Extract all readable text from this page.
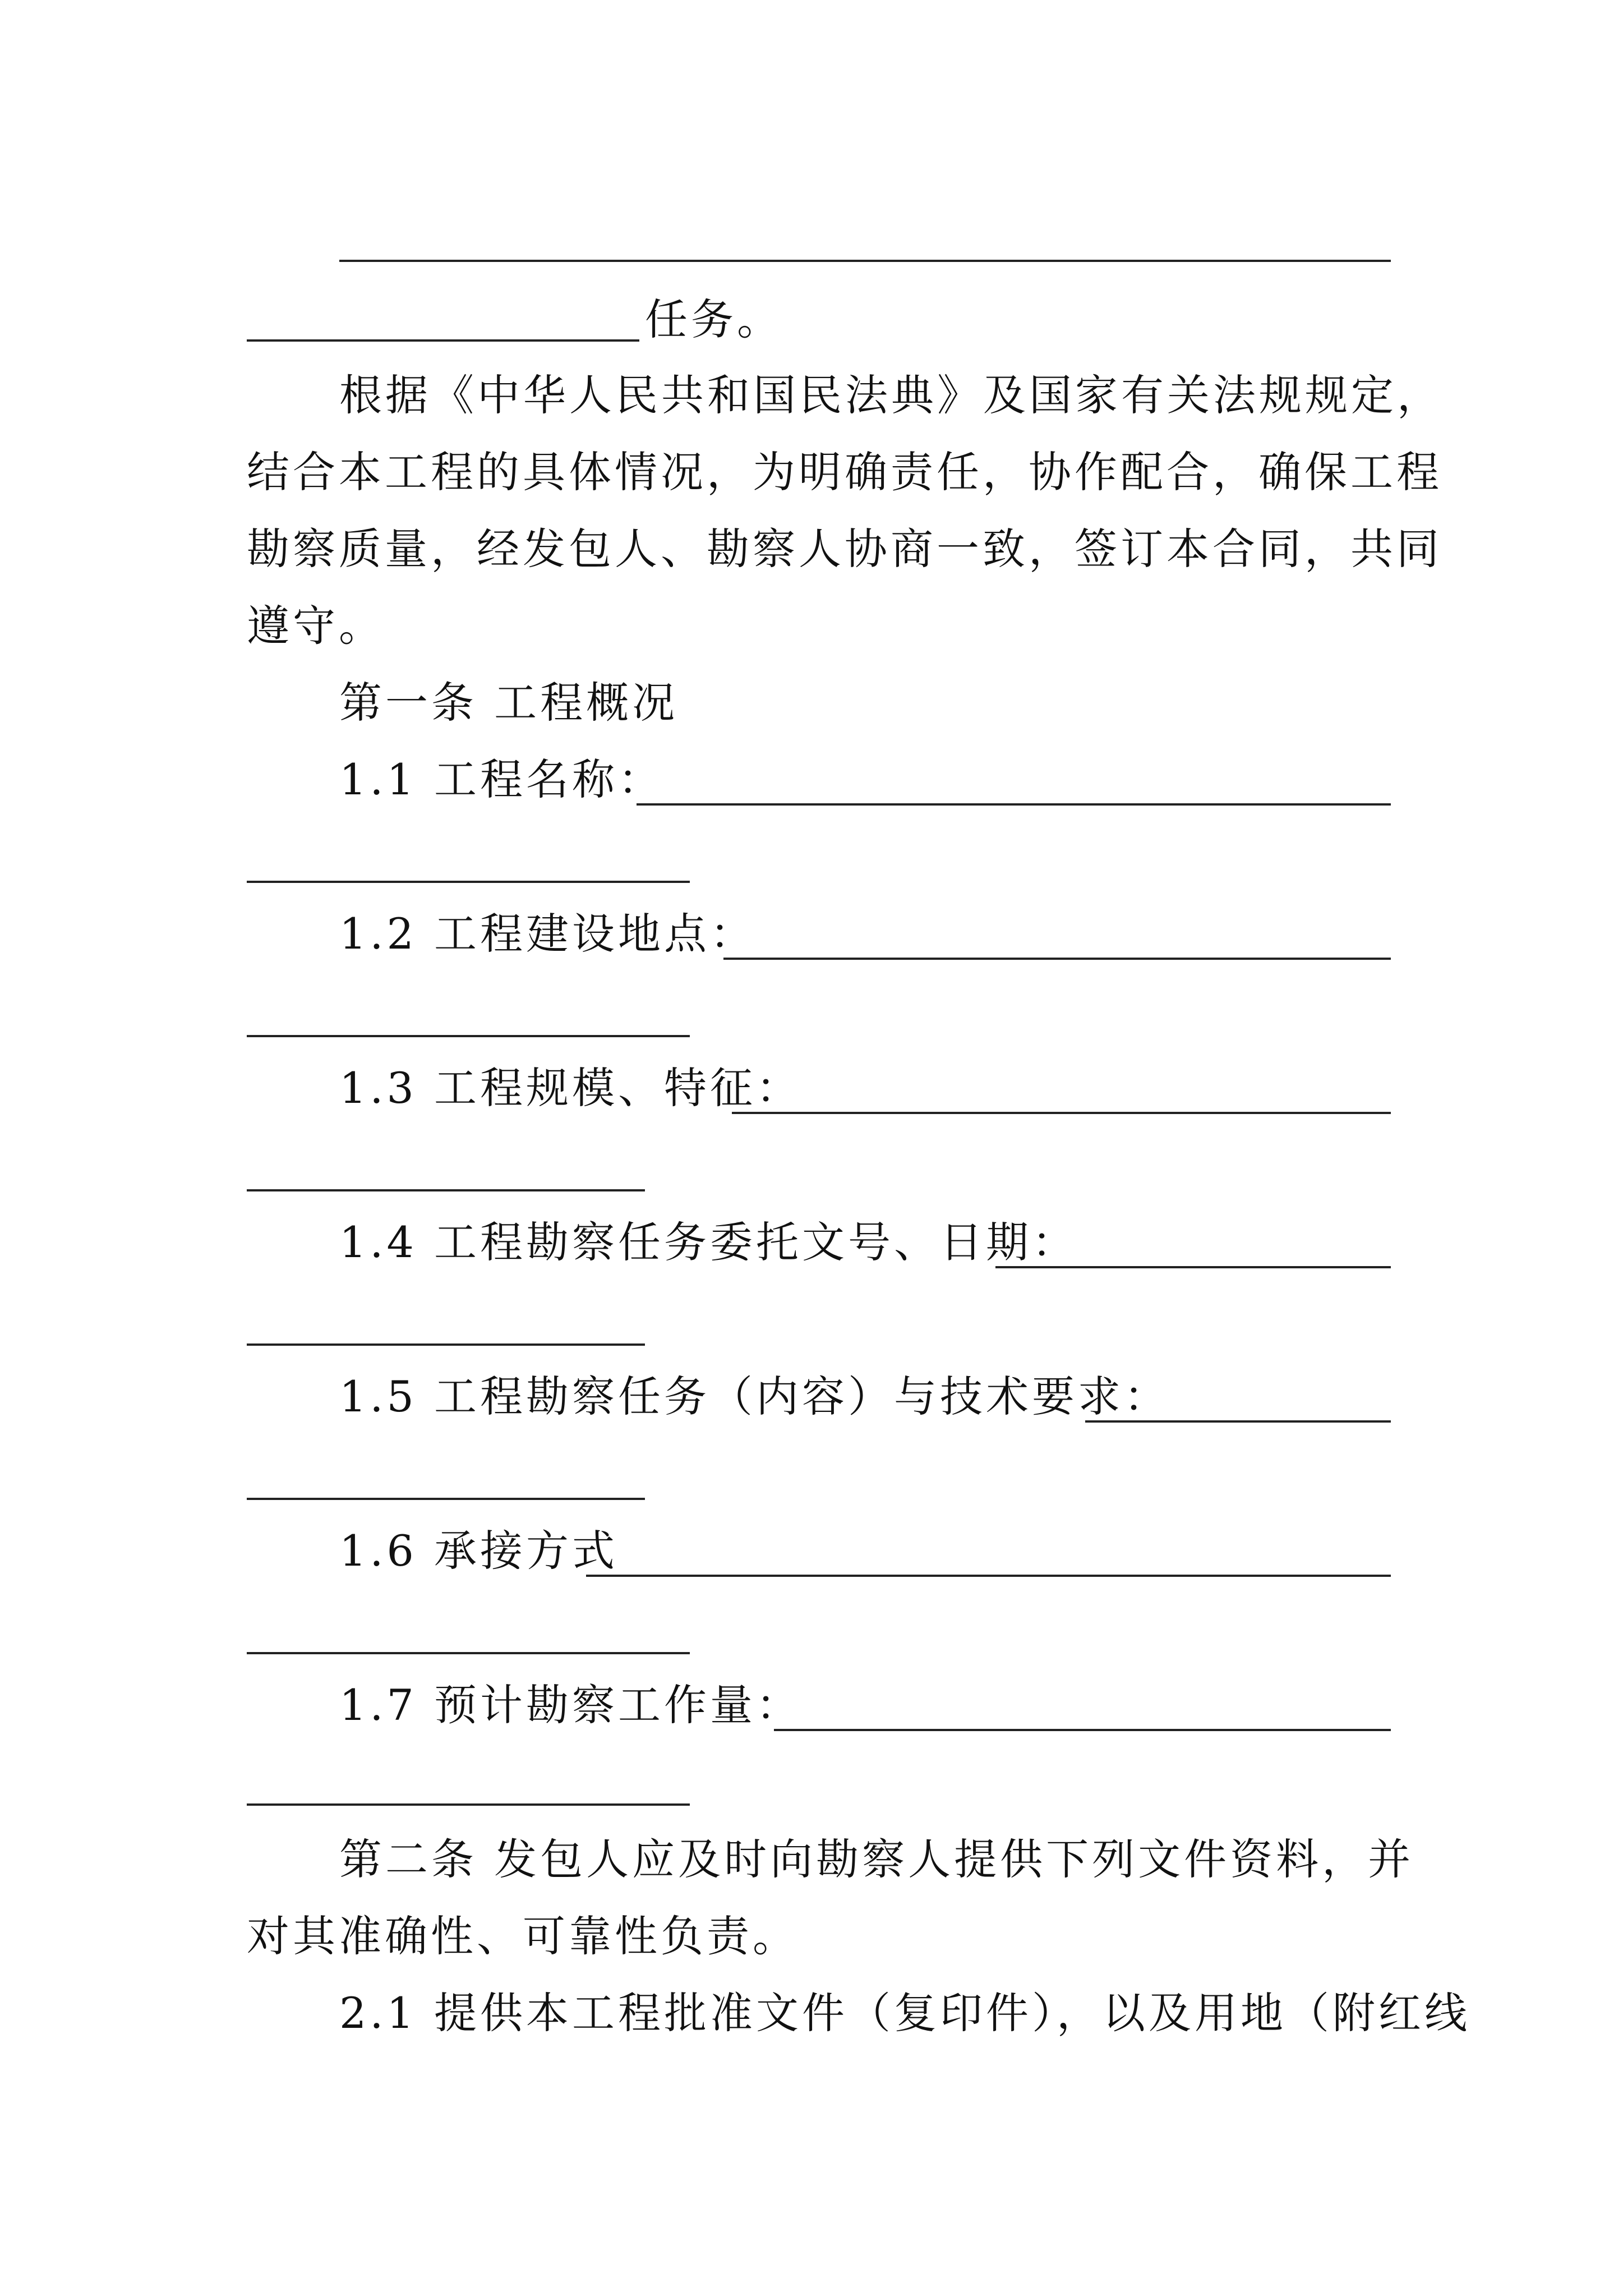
任务。
根据《中华人民共和国民法典》及国家有关法规规定，
结合本工程的具体情况，为明确责任，协作配合，确保工程
勘察质量，经发包人、勘察人协商一致，签订本合同，共同
遵守。
第一条 工程概况
1.1 工程名称：
1.2 工程建设地点：
1.3 工程规模、特征：
1.4 工程勘察任务委托文号、日期：
1.5 工程勘察任务（内容）与技术要求：
1.6 承接方式
1.7 预计勘察工作量：
第二条 发包人应及时向勘察人提供下列文件资料，并
对其准确性、可靠性负责。
2.1 提供本工程批准文件（复印件），以及用地（附红线
